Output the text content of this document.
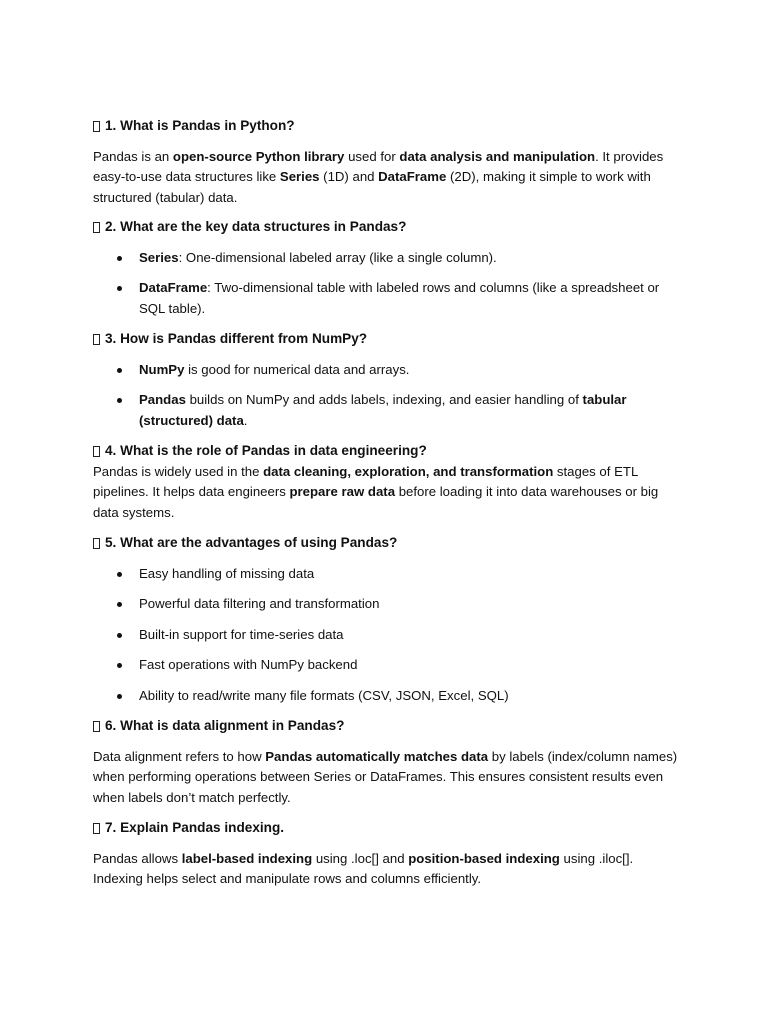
1. What is Pandas in Python?

Pandas is an open-source Python library used for data analysis and manipulation. It provides easy-to-use data structures like Series (1D) and DataFrame (2D), making it simple to work with structured (tabular) data.

2. What are the key data structures in Pandas?
Series: One-dimensional labeled array (like a single column).
DataFrame: Two-dimensional table with labeled rows and columns (like a spreadsheet or SQL table).
3. How is Pandas different from NumPy?
NumPy is good for numerical data and arrays.
Pandas builds on NumPy and adds labels, indexing, and easier handling of tabular (structured) data.
4. What is the role of Pandas in data engineering?

Pandas is widely used in the data cleaning, exploration, and transformation stages of ETL pipelines. It helps data engineers prepare raw data before loading it into data warehouses or big data systems.

5. What are the advantages of using Pandas?
Easy handling of missing data
Powerful data filtering and transformation
Built-in support for time-series data
Fast operations with NumPy backend
Ability to read/write many file formats (CSV, JSON, Excel, SQL)
6. What is data alignment in Pandas?

Data alignment refers to how Pandas automatically matches data by labels (index/column names) when performing operations between Series or DataFrames. This ensures consistent results even when labels don’t match perfectly.

7. Explain Pandas indexing.

Pandas allows label-based indexing using .loc[] and position-based indexing using .iloc[]. Indexing helps select and manipulate rows and columns efficiently.
